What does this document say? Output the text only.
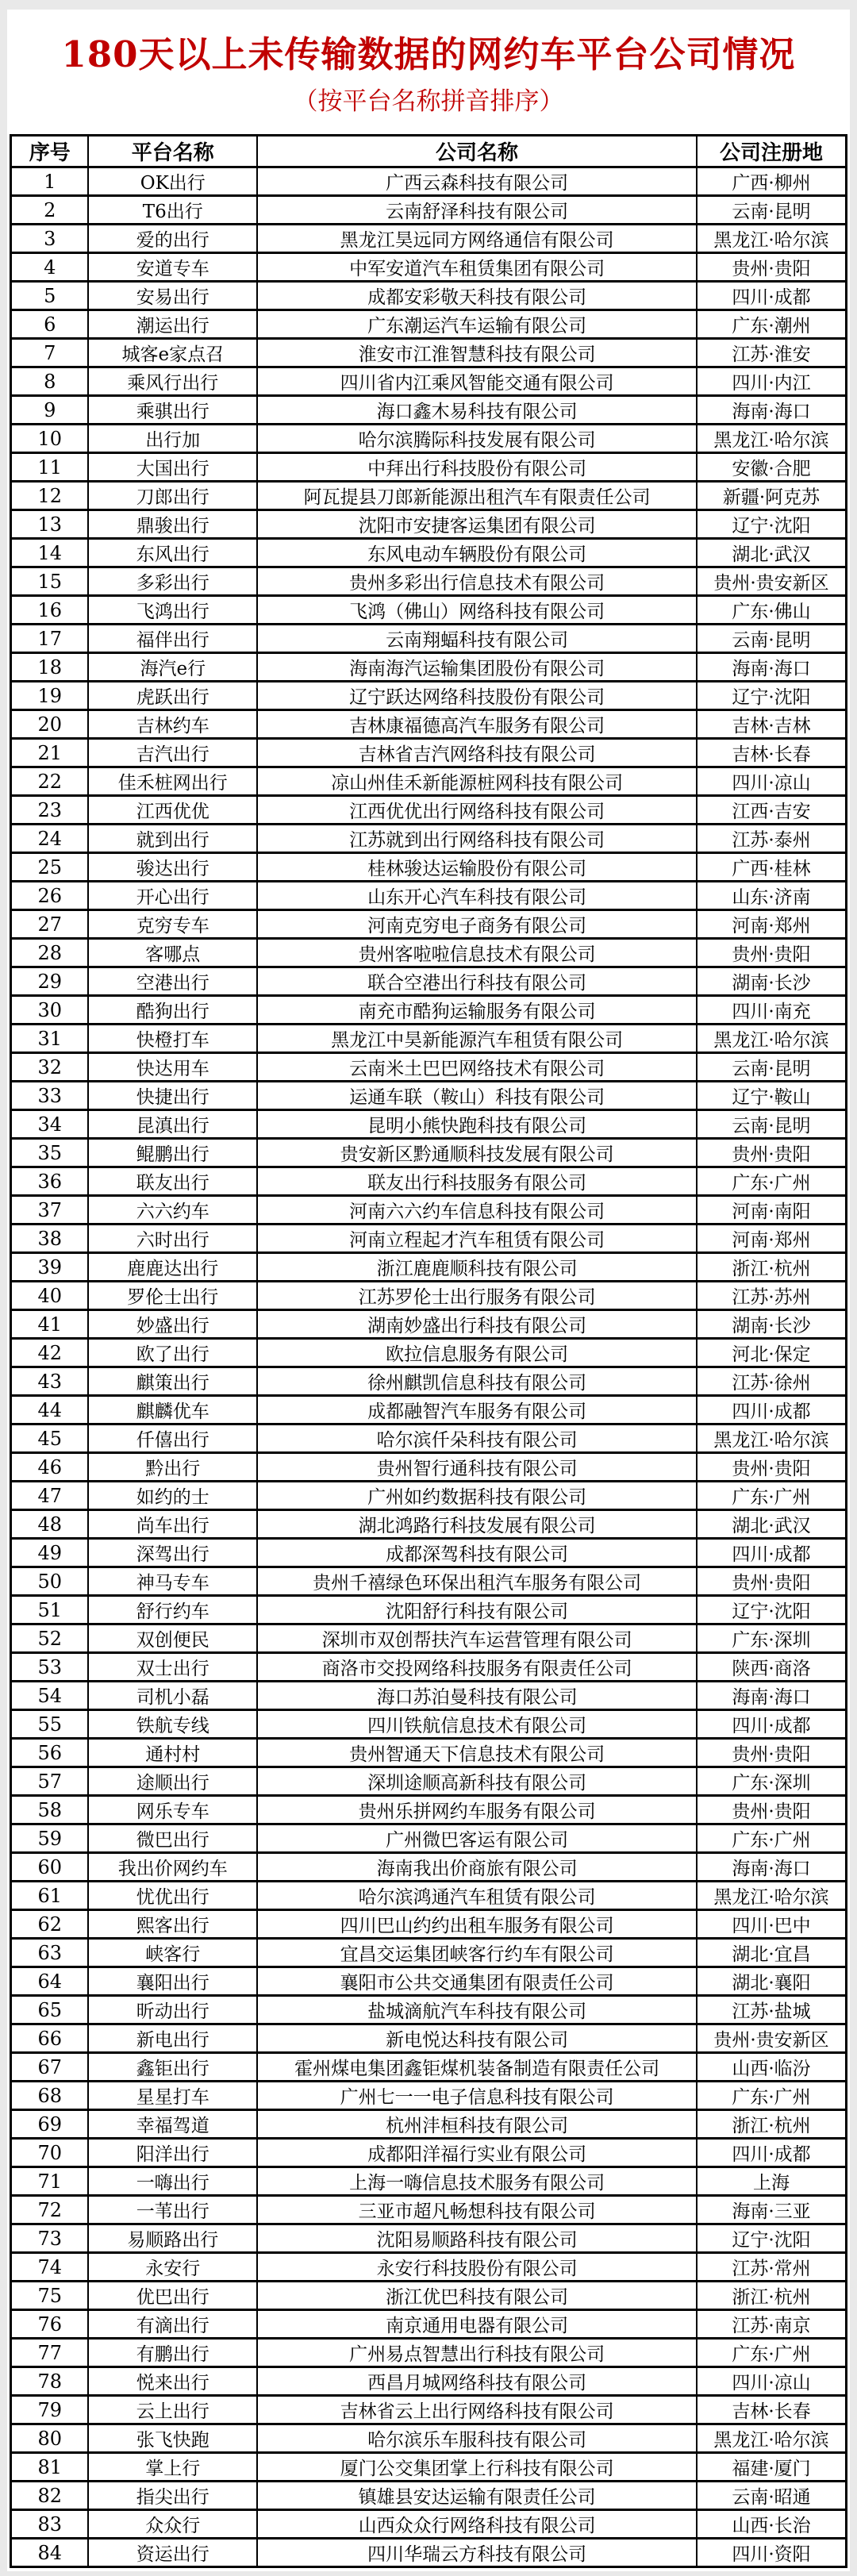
180天以上未传输数据的网约车平台公司情况
（按平台名称拼音排序）
序号	平台名称	公司名称	公司注册地
1	OK出行	广西云森科技有限公司	广西·柳州
2	T6出行	云南舒泽科技有限公司	云南·昆明
3	爱的出行	黑龙江昊远同方网络通信有限公司	黑龙江·哈尔滨
4	安道专车	中军安道汽车租赁集团有限公司	贵州·贵阳
5	安易出行	成都安彩敬天科技有限公司	四川·成都
6	潮运出行	广东潮运汽车运输有限公司	广东·潮州
7	城客e家点召	淮安市江淮智慧科技有限公司	江苏·淮安
8	乘风行出行	四川省内江乘风智能交通有限公司	四川·内江
9	乘骐出行	海口鑫木易科技有限公司	海南·海口
10	出行加	哈尔滨腾际科技发展有限公司	黑龙江·哈尔滨
11	大国出行	中拜出行科技股份有限公司	安徽·合肥
12	刀郎出行	阿瓦提县刀郎新能源出租汽车有限责任公司	新疆·阿克苏
13	鼎骏出行	沈阳市安捷客运集团有限公司	辽宁·沈阳
14	东风出行	东风电动车辆股份有限公司	湖北·武汉
15	多彩出行	贵州多彩出行信息技术有限公司	贵州·贵安新区
16	飞鸿出行	飞鸿（佛山）网络科技有限公司	广东·佛山
17	福伴出行	云南翔蝠科技有限公司	云南·昆明
18	海汽e行	海南海汽运输集团股份有限公司	海南·海口
19	虎跃出行	辽宁跃达网络科技股份有限公司	辽宁·沈阳
20	吉林约车	吉林康福德高汽车服务有限公司	吉林·吉林
21	吉汽出行	吉林省吉汽网络科技有限公司	吉林·长春
22	佳禾桩网出行	凉山州佳禾新能源桩网科技有限公司	四川·凉山
23	江西优优	江西优优出行网络科技有限公司	江西·吉安
24	就到出行	江苏就到出行网络科技有限公司	江苏·泰州
25	骏达出行	桂林骏达运输股份有限公司	广西·桂林
26	开心出行	山东开心汽车科技有限公司	山东·济南
27	克穷专车	河南克穷电子商务有限公司	河南·郑州
28	客哪点	贵州客啦啦信息技术有限公司	贵州·贵阳
29	空港出行	联合空港出行科技有限公司	湖南·长沙
30	酷狗出行	南充市酷狗运输服务有限公司	四川·南充
31	快橙打车	黑龙江中昊新能源汽车租赁有限公司	黑龙江·哈尔滨
32	快达用车	云南米土巴巴网络技术有限公司	云南·昆明
33	快捷出行	运通车联（鞍山）科技有限公司	辽宁·鞍山
34	昆滇出行	昆明小熊快跑科技有限公司	云南·昆明
35	鲲鹏出行	贵安新区黔通顺科技发展有限公司	贵州·贵阳
36	联友出行	联友出行科技服务有限公司	广东·广州
37	六六约车	河南六六约车信息科技有限公司	河南·南阳
38	六时出行	河南立程起才汽车租赁有限公司	河南·郑州
39	鹿鹿达出行	浙江鹿鹿顺科技有限公司	浙江·杭州
40	罗伦士出行	江苏罗伦士出行服务有限公司	江苏·苏州
41	妙盛出行	湖南妙盛出行科技有限公司	湖南·长沙
42	欧了出行	欧拉信息服务有限公司	河北·保定
43	麒策出行	徐州麒凯信息科技有限公司	江苏·徐州
44	麒麟优车	成都融智汽车服务有限公司	四川·成都
45	仟僖出行	哈尔滨仟朵科技有限公司	黑龙江·哈尔滨
46	黔出行	贵州智行通科技有限公司	贵州·贵阳
47	如约的士	广州如约数据科技有限公司	广东·广州
48	尚车出行	湖北鸿路行科技发展有限公司	湖北·武汉
49	深驾出行	成都深驾科技有限公司	四川·成都
50	神马专车	贵州千禧绿色环保出租汽车服务有限公司	贵州·贵阳
51	舒行约车	沈阳舒行科技有限公司	辽宁·沈阳
52	双创便民	深圳市双创帮扶汽车运营管理有限公司	广东·深圳
53	双士出行	商洛市交投网络科技服务有限责任公司	陕西·商洛
54	司机小磊	海口苏泊曼科技有限公司	海南·海口
55	铁航专线	四川铁航信息技术有限公司	四川·成都
56	通村村	贵州智通天下信息技术有限公司	贵州·贵阳
57	途顺出行	深圳途顺高新科技有限公司	广东·深圳
58	网乐专车	贵州乐拼网约车服务有限公司	贵州·贵阳
59	微巴出行	广州微巴客运有限公司	广东·广州
60	我出价网约车	海南我出价商旅有限公司	海南·海口
61	忧优出行	哈尔滨鸿通汽车租赁有限公司	黑龙江·哈尔滨
62	熙客出行	四川巴山约约出租车服务有限公司	四川·巴中
63	峡客行	宜昌交运集团峡客行约车有限公司	湖北·宜昌
64	襄阳出行	襄阳市公共交通集团有限责任公司	湖北·襄阳
65	昕动出行	盐城滴航汽车科技有限公司	江苏·盐城
66	新电出行	新电悦达科技有限公司	贵州·贵安新区
67	鑫钜出行	霍州煤电集团鑫钜煤机装备制造有限责任公司	山西·临汾
68	星星打车	广州七一一电子信息科技有限公司	广东·广州
69	幸福驾道	杭州沣桓科技有限公司	浙江·杭州
70	阳洋出行	成都阳洋福行实业有限公司	四川·成都
71	一嗨出行	上海一嗨信息技术服务有限公司	上海
72	一苇出行	三亚市超凡畅想科技有限公司	海南·三亚
73	易顺路出行	沈阳易顺路科技有限公司	辽宁·沈阳
74	永安行	永安行科技股份有限公司	江苏·常州
75	优巴出行	浙江优巴科技有限公司	浙江·杭州
76	有滴出行	南京通用电器有限公司	江苏·南京
77	有鹏出行	广州易点智慧出行科技有限公司	广东·广州
78	悦来出行	西昌月城网络科技有限公司	四川·凉山
79	云上出行	吉林省云上出行网络科技有限公司	吉林·长春
80	张飞快跑	哈尔滨乐车服科技有限公司	黑龙江·哈尔滨
81	掌上行	厦门公交集团掌上行科技有限公司	福建·厦门
82	指尖出行	镇雄县安达运输有限责任公司	云南·昭通
83	众众行	山西众众行网络科技有限公司	山西·长治
84	资运出行	四川华瑞云方科技有限公司	四川·资阳
